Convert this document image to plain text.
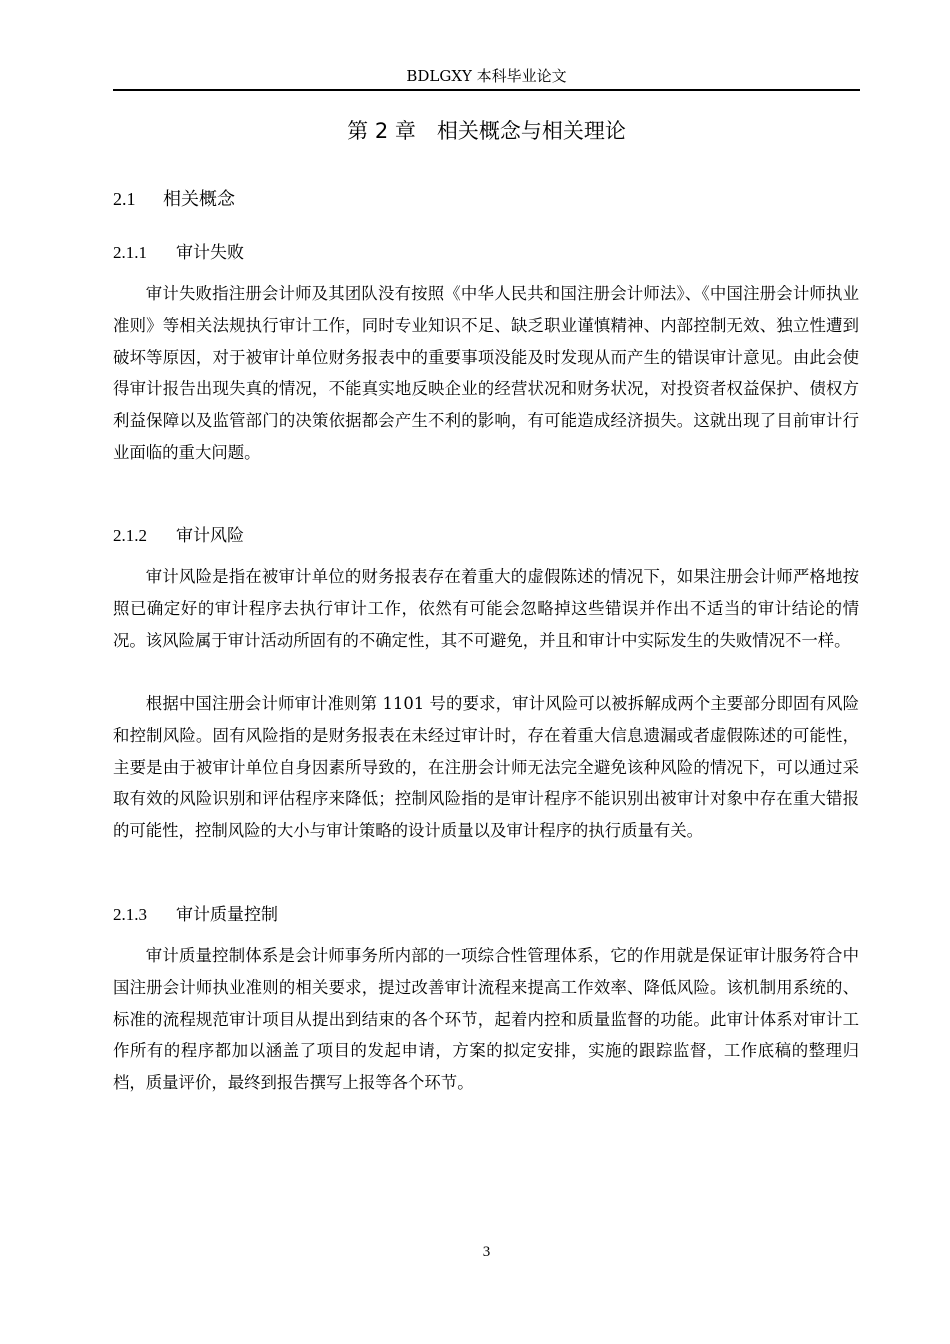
BDLGXY 本科毕业论文
第 2 章　相关概念与相关理论
2.1 相关概念
2.1.1 审计失败

审计失败指注册会计师及其团队没有按照《中华人民共和国注册会计师法》、《中国注册会计师执业准则》等相关法规执行审计工作，同时专业知识不足、缺乏职业谨慎精神、内部控制无效、独立性遭到破坏等原因，对于被审计单位财务报表中的重要事项没能及时发现从而产生的错误审计意见。由此会使得审计报告出现失真的情况，不能真实地反映企业的经营状况和财务状况，对投资者权益保护、债权方利益保障以及监管部门的决策依据都会产生不利的影响，有可能造成经济损失。这就出现了目前审计行业面临的重大问题。

2.1.2 审计风险

审计风险是指在被审计单位的财务报表存在着重大的虚假陈述的情况下，如果注册会计师严格地按照已确定好的审计程序去执行审计工作，依然有可能会忽略掉这些错误并作出不适当的审计结论的情况。该风险属于审计活动所固有的不确定性，其不可避免，并且和审计中实际发生的失败情况不一样。

根据中国注册会计师审计准则第 1101 号的要求，审计风险可以被拆解成两个主要部分即固有风险和控制风险。固有风险指的是财务报表在未经过审计时，存在着重大信息遗漏或者虚假陈述的可能性，主要是由于被审计单位自身因素所导致的，在注册会计师无法完全避免该种风险的情况下，可以通过采取有效的风险识别和评估程序来降低；控制风险指的是审计程序不能识别出被审计对象中存在重大错报的可能性，控制风险的大小与审计策略的设计质量以及审计程序的执行质量有关。

2.1.3 审计质量控制

审计质量控制体系是会计师事务所内部的一项综合性管理体系，它的作用就是保证审计服务符合中国注册会计师执业准则的相关要求，提过改善审计流程来提高工作效率、降低风险。该机制用系统的、标准的流程规范审计项目从提出到结束的各个环节，起着内控和质量监督的功能。此审计体系对审计工作所有的程序都加以涵盖了项目的发起申请，方案的拟定安排，实施的跟踪监督，工作底稿的整理归档，质量评价，最终到报告撰写上报等各个环节。

3
